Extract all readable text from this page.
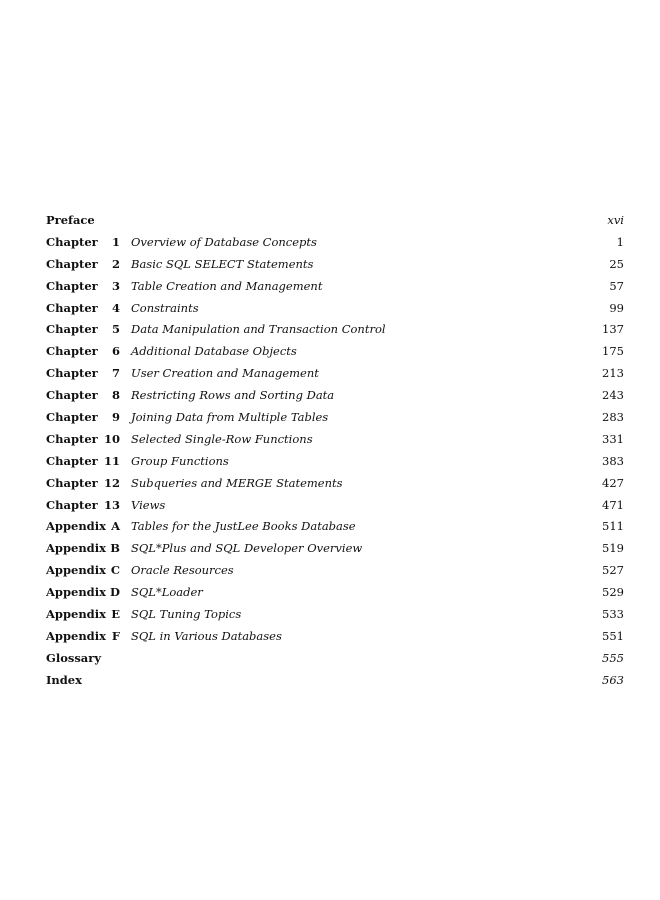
Preface	xvi
Chapter	1 Overview of Database Concepts	1
Chapter	2 Basic SQL SELECT Statements	25
Chapter	3 Table Creation and Management	57
Chapter	4 Constraints	99
Chapter	5 Data Manipulation and Transaction Control	137
Chapter	6 Additional Database Objects	175
Chapter	7 User Creation and Management	213
Chapter	8 Restricting Rows and Sorting Data	243
Chapter	9 Joining Data from Multiple Tables	283
Chapter 10 Selected Single-Row Functions	331
Chapter 11 Group Functions	383
Chapter 12 Subqueries and MERGE Statements	427
Chapter 13 Views	471
Appendix A Tables for the JustLee Books Database	511
Appendix B SQL*Plus and SQL Developer Overview	519
Appendix C Oracle Resources	527
Appendix D SQL*Loader	529
Appendix E SQL Tuning Topics	533
Appendix F SQL in Various Databases	551
Glossary	555
Index	563
